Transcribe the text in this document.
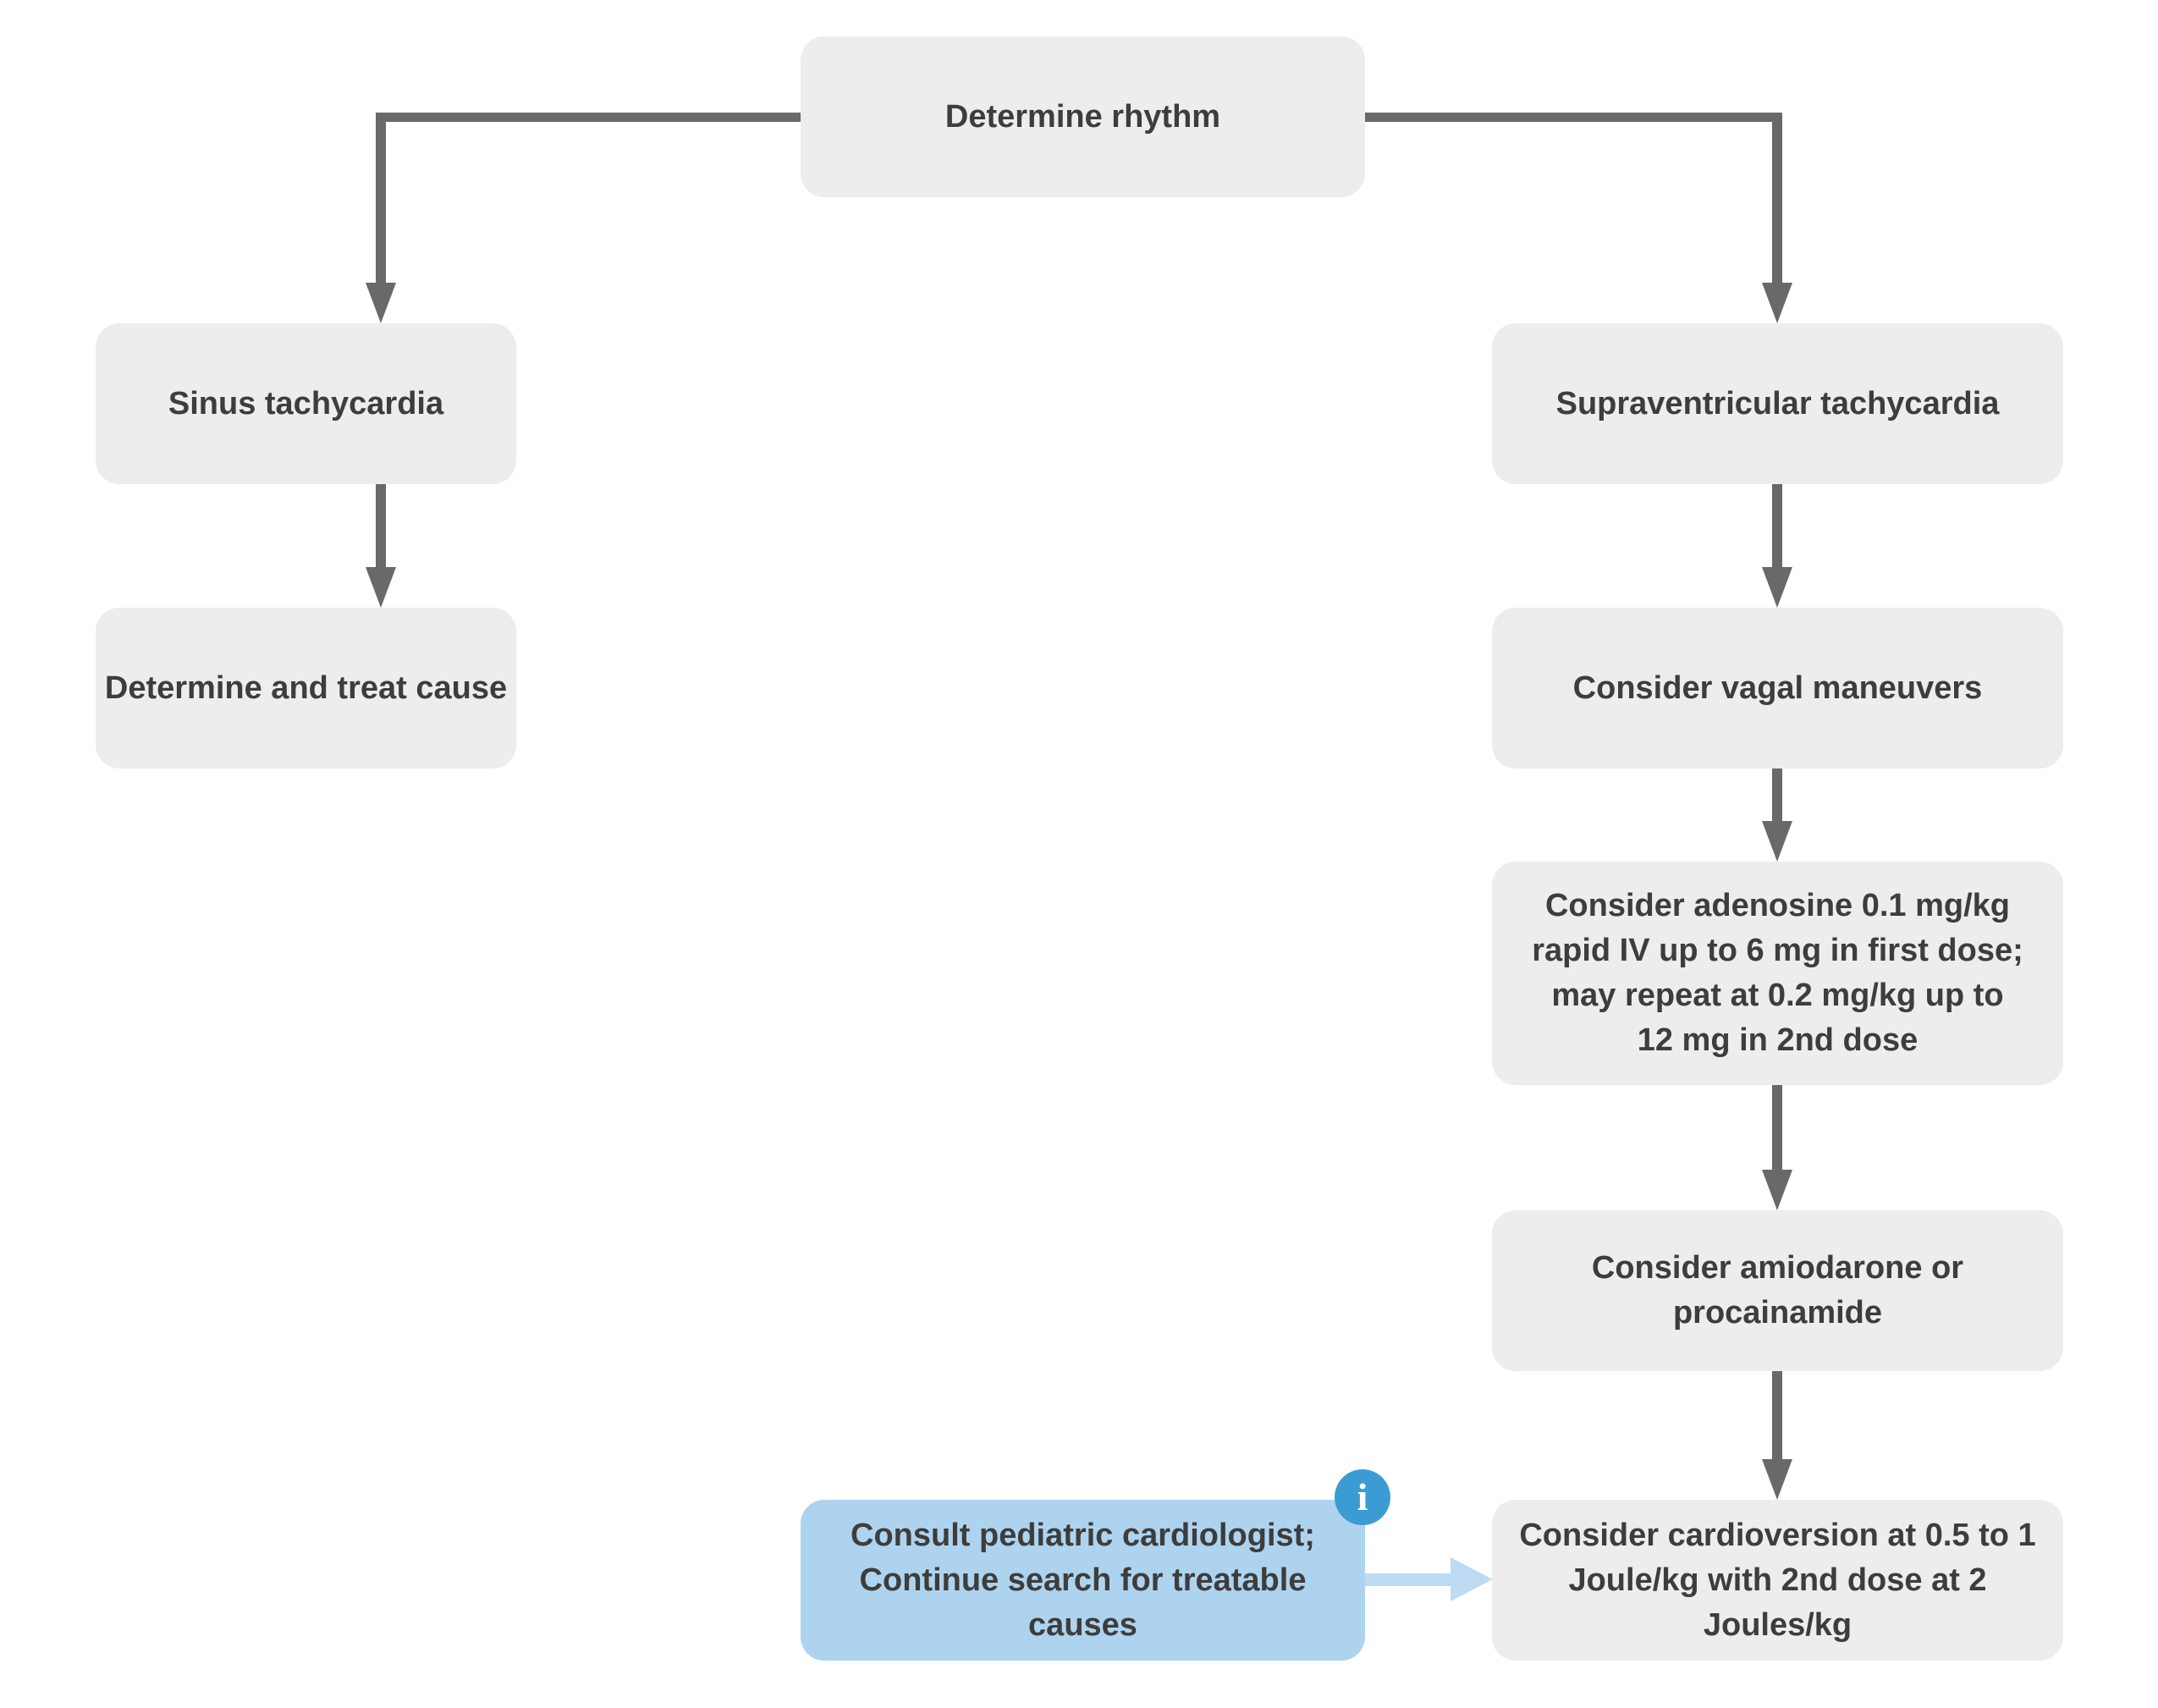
Determine rhythm
Sinus tachycardia
Determine and treat cause
Supraventricular tachycardia
Consider vagal maneuvers
Consider adenosine 0.1 mg/kg
rapid IV up to 6 mg in first dose;
may repeat at 0.2 mg/kg up to
12 mg in 2nd dose
Consider amiodarone or
procainamide
Consider cardioversion at 0.5 to 1
Joule/kg with 2nd dose at 2
Joules/kg
Consult pediatric cardiologist;
Continue search for treatable
causes
i
